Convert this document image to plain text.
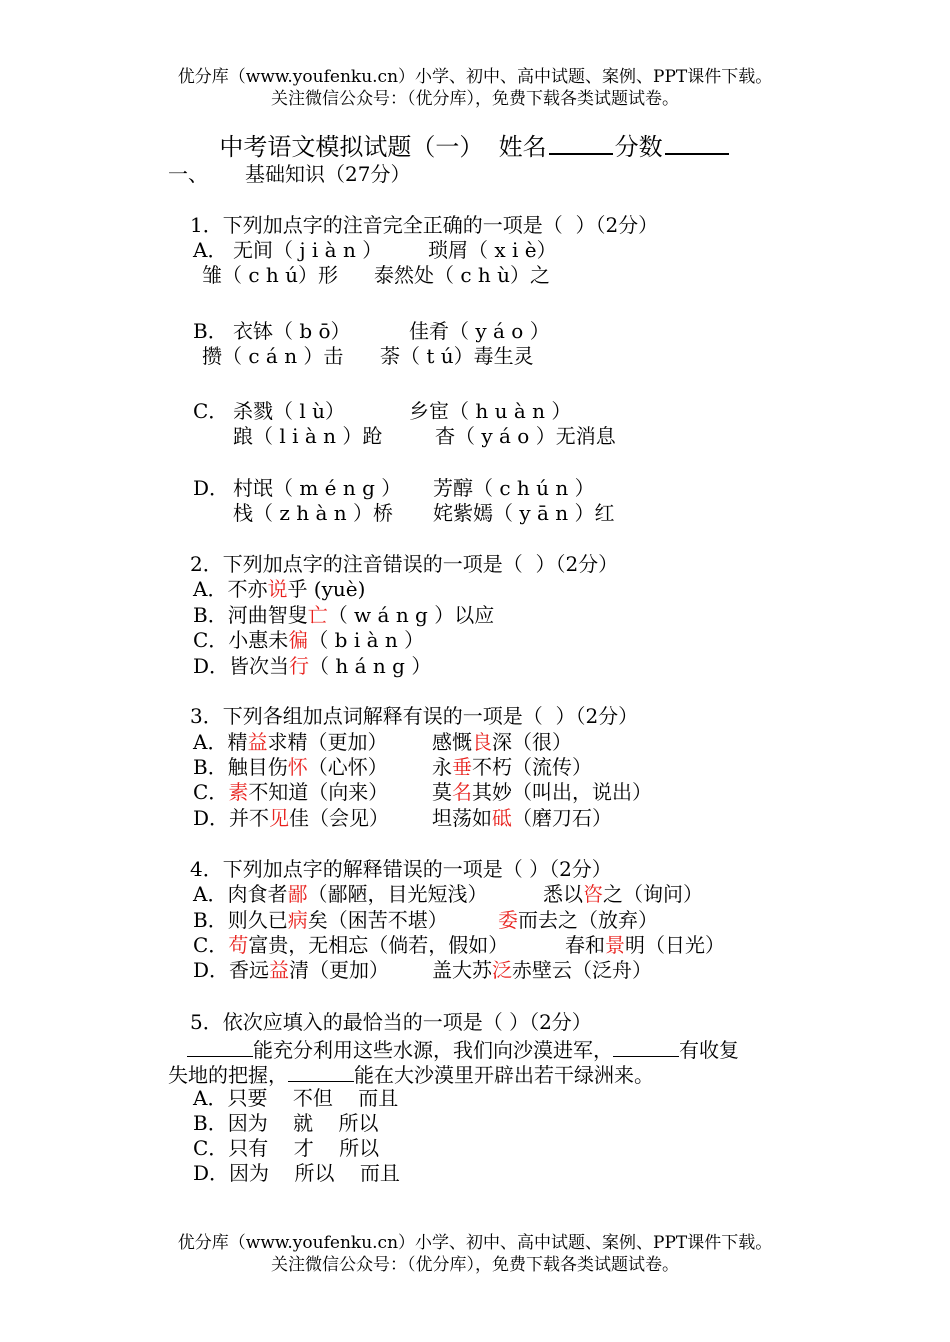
优分库（www.youfenku.cn）小学、初中、高中试题、案例、PPT课件下载。
关注微信公众号：（优分库），免费下载各类试题试卷。
中考语文模拟试题（一） 姓名	分数
一、 基础知识（27分）
1．下列加点字的注音完全正确的一项是（  ）（2分）
A． 无间（ j i à n ） 琐屑（ x i è）
雏（ c h ú）形 泰然处（ c h ù）之
B． 衣钵（ b ō）	佳肴（ y á o ）
攒（ c á n ）击 荼（ t ú）毒生灵
C． 杀戮（ l ù）	乡宦（ h u à n ）
踉（ l i à n ）跄	杳（ y á o ）无消息
D． 村氓（ m é n g ） 芳醇（ c h ú n ）
栈（ z h à n ）桥 姹紫嫣（ y ā n ）红
2．下列加点字的注音错误的一项是（  ）（2分）
A．不亦说乎 (yuè)
B．河曲智叟亡（ w á n g ）以应
C．小惠未徧（ b i à n ）
D．皆次当行（ h á n g ）
3．下列各组加点词解释有误的一项是（  ）（2分）
A．精益求精（更加） 感慨良深（很）
B．触目伤怀（心怀） 永垂不朽（流传）
C．素不知道（向来） 莫名其妙（叫出，说出）
D．并不见佳（会见） 坦荡如砥（磨刀石）
4．下列加点字的解释错误的一项是（ ）（2分）
A．肉食者鄙（鄙陋，目光短浅）	悉以咨之（询问）
B．则久已病矣（困苦不堪）	委而去之（放弃）
C．苟富贵，无相忘（倘若，假如）	春和景明（日光）
D．香远益清（更加） 盖大苏泛赤壁云（泛舟）
5．依次应填入的最恰当的一项是（ ）（2分）
能充分利用这些水源，我们向沙漠进军，	有收复
失地的把握，	能在大沙漠里开辟出若干绿洲来。
A．只要    不但    而且
B．因为    就    所以
C．只有    才    所以
D．因为    所以    而且
优分库（www.youfenku.cn）小学、初中、高中试题、案例、PPT课件下载。
关注微信公众号：（优分库），免费下载各类试题试卷。
